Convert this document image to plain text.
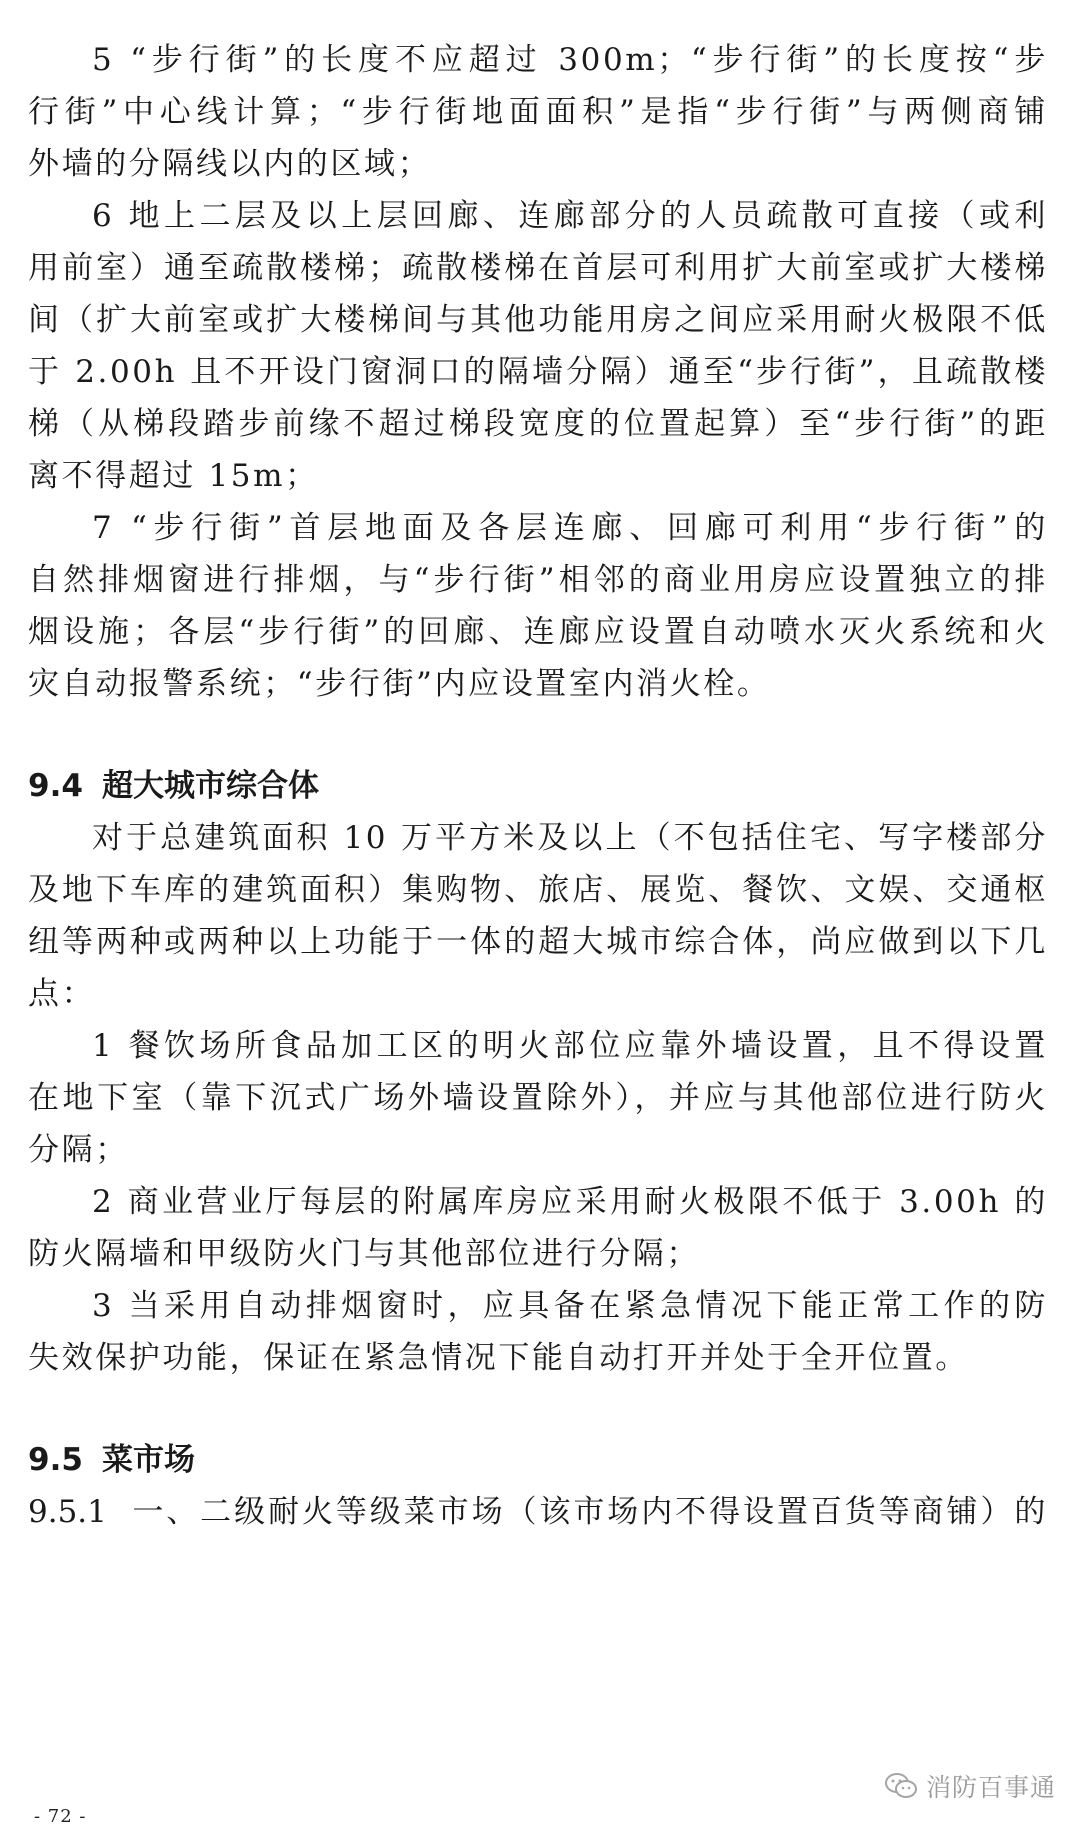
5 “步行街”的长度不应超过 300m；“步行街”的长度按“步
行街”中心线计算；“步行街地面面积”是指“步行街”与两侧商铺
外墙的分隔线以内的区域；
6 地上二层及以上层回廊、连廊部分的人员疏散可直接（或利
用前室）通至疏散楼梯；疏散楼梯在首层可利用扩大前室或扩大楼梯
间（扩大前室或扩大楼梯间与其他功能用房之间应采用耐火极限不低
于 2.00h 且不开设门窗洞口的隔墙分隔）通至“步行街”，且疏散楼
梯（从梯段踏步前缘不超过梯段宽度的位置起算）至“步行街”的距
离不得超过 15m；
7 “步行街”首层地面及各层连廊、回廊可利用“步行街”的
自然排烟窗进行排烟，与“步行街”相邻的商业用房应设置独立的排
烟设施；各层“步行街”的回廊、连廊应设置自动喷水灭火系统和火
灾自动报警系统；“步行街”内应设置室内消火栓。
9.4 超大城市综合体
对于总建筑面积 10 万平方米及以上（不包括住宅、写字楼部分
及地下车库的建筑面积）集购物、旅店、展览、餐饮、文娱、交通枢
纽等两种或两种以上功能于一体的超大城市综合体，尚应做到以下几
点：
1 餐饮场所食品加工区的明火部位应靠外墙设置，且不得设置
在地下室（靠下沉式广场外墙设置除外），并应与其他部位进行防火
分隔；
2 商业营业厅每层的附属库房应采用耐火极限不低于 3.00h 的
防火隔墙和甲级防火门与其他部位进行分隔；
3 当采用自动排烟窗时，应具备在紧急情况下能正常工作的防
失效保护功能，保证在紧急情况下能自动打开并处于全开位置。
9.5 菜市场
9.5.1 一、二级耐火等级菜市场（该市场内不得设置百货等商铺）的
消防百事通
- 72 -
